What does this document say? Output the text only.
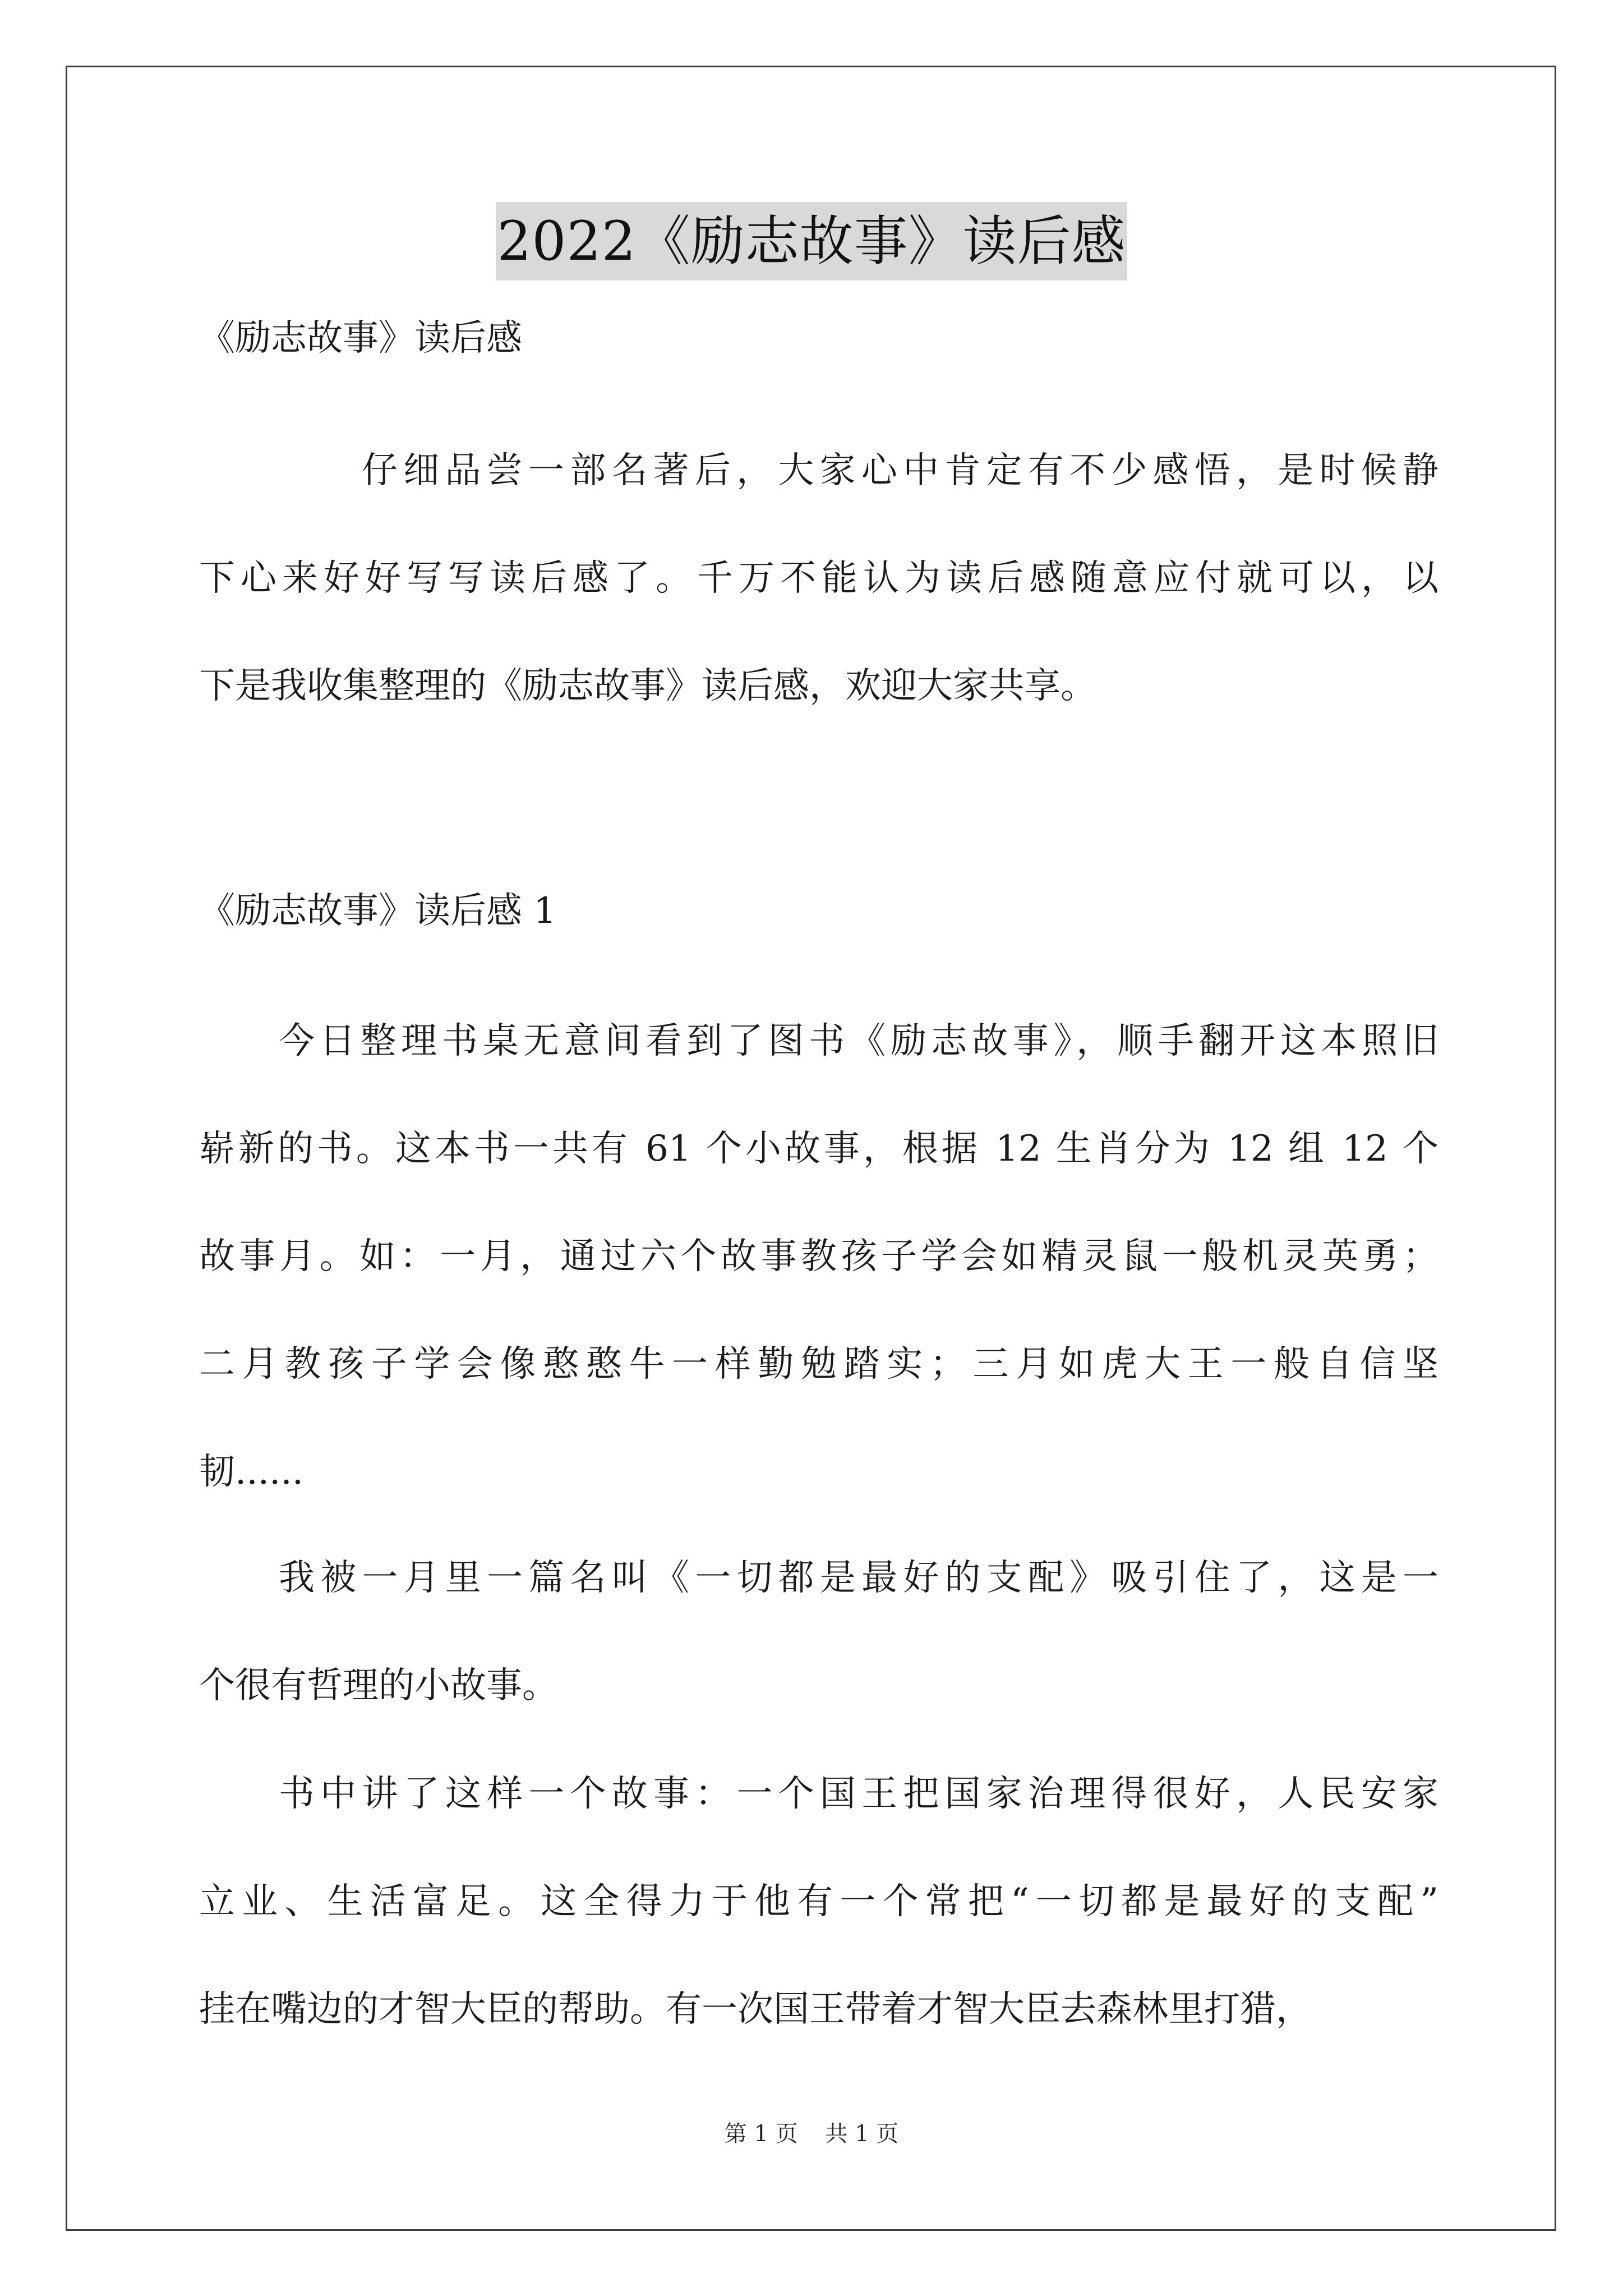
2022《励志故事》读后感

《励志故事》读后感

仔细品尝一部名著后，大家心中肯定有不少感悟，是时候静
下心来好好写写读后感了。千万不能认为读后感随意应付就可以，以
下是我收集整理的《励志故事》读后感，欢迎大家共享。

《励志故事》读后感 1

今日整理书桌无意间看到了图书《励志故事》，顺手翻开这本照旧
崭新的书。这本书一共有 61 个小故事，根据 12 生肖分为 12 组 12 个
故事月。如：一月，通过六个故事教孩子学会如精灵鼠一般机灵英勇；
二月教孩子学会像憨憨牛一样勤勉踏实；三月如虎大王一般自信坚
韧......
我被一月里一篇名叫《一切都是最好的支配》吸引住了，这是一
个很有哲理的小故事。
书中讲了这样一个故事：一个国王把国家治理得很好，人民安家
立业、生活富足。这全得力于他有一个常把“一切都是最好的支配”
挂在嘴边的才智大臣的帮助。有一次国王带着才智大臣去森林里打猎，
第 1 页 共 1 页
